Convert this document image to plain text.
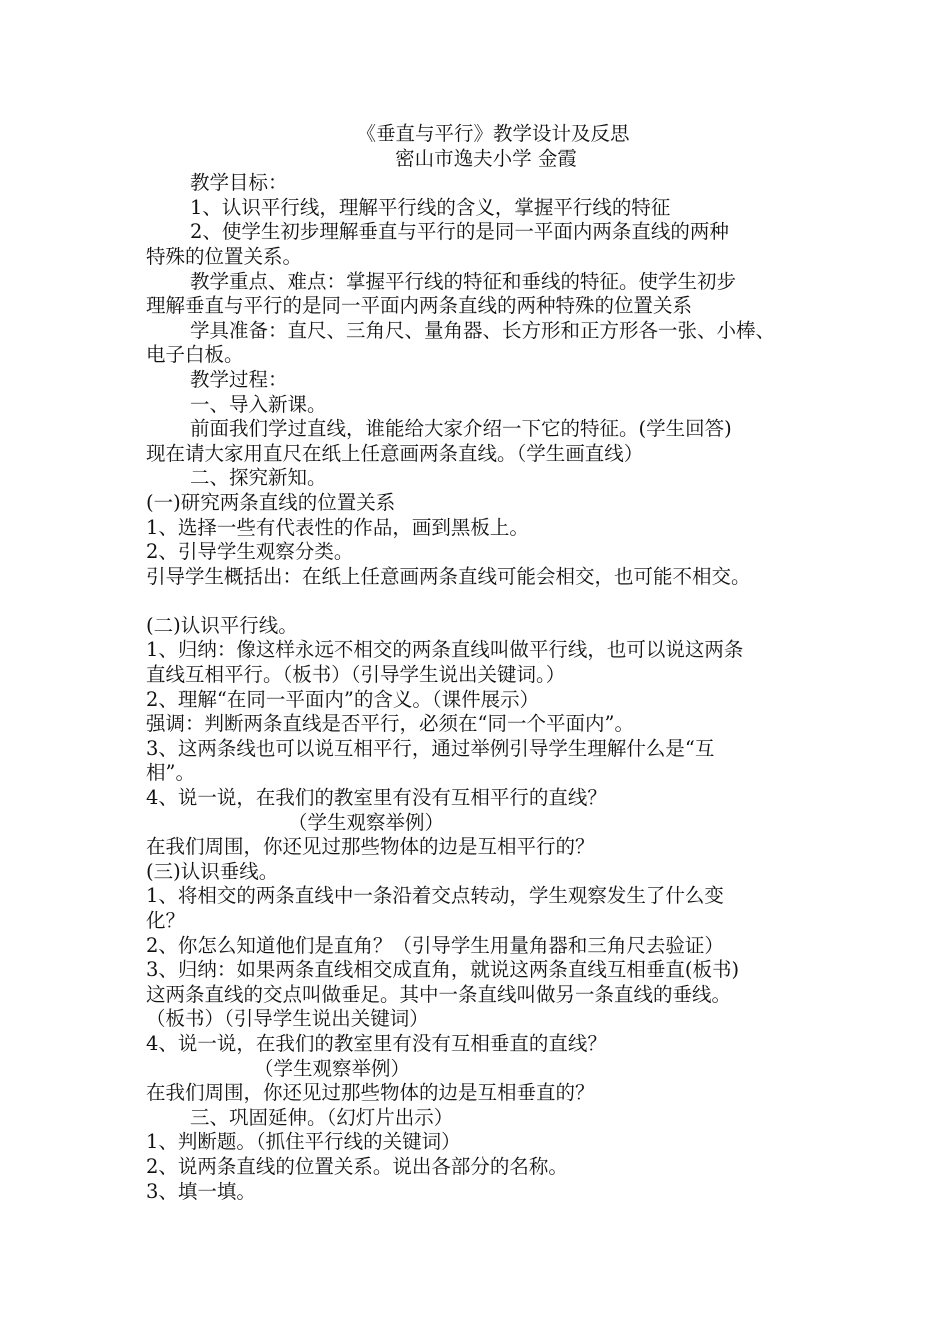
《垂直与平行》教学设计及反思
密山市逸夫小学 金霞
教学目标：
1、认识平行线，理解平行线的含义，掌握平行线的特征
2、使学生初步理解垂直与平行的是同一平面内两条直线的两种
特殊的位置关系。
教学重点、难点：掌握平行线的特征和垂线的特征。使学生初步
理解垂直与平行的是同一平面内两条直线的两种特殊的位置关系
学具准备：直尺、三角尺、量角器、长方形和正方形各一张、小棒、
电子白板。
教学过程：
一、导入新课。
前面我们学过直线，谁能给大家介绍一下它的特征。(学生回答)
现在请大家用直尺在纸上任意画两条直线。（学生画直线）
二、探究新知。
(一)研究两条直线的位置关系
1、选择一些有代表性的作品，画到黑板上。
2、引导学生观察分类。
引导学生概括出：在纸上任意画两条直线可能会相交，也可能不相交。
(二)认识平行线。
1、归纳：像这样永远不相交的两条直线叫做平行线，也可以说这两条
直线互相平行。（板书）（引导学生说出关键词。）
2、理解“在同一平面内”的含义。（课件展示）
强调：判断两条直线是否平行，必须在“同一个平面内”。
3、这两条线也可以说互相平行，通过举例引导学生理解什么是“互
相”。
4、说一说，在我们的教室里有没有互相平行的直线？
（学生观察举例）
在我们周围，你还见过那些物体的边是互相平行的？
(三)认识垂线。
1、将相交的两条直线中一条沿着交点转动，学生观察发生了什么变
化？
2、你怎么知道他们是直角？（引导学生用量角器和三角尺去验证）
3、归纳：如果两条直线相交成直角，就说这两条直线互相垂直(板书)
这两条直线的交点叫做垂足。其中一条直线叫做另一条直线的垂线。
（板书）（引导学生说出关键词）
4、说一说，在我们的教室里有没有互相垂直的直线？
（学生观察举例）
在我们周围，你还见过那些物体的边是互相垂直的？
三、巩固延伸。（幻灯片出示）
1、判断题。（抓住平行线的关键词）
2、说两条直线的位置关系。说出各部分的名称。
3、填一填。
